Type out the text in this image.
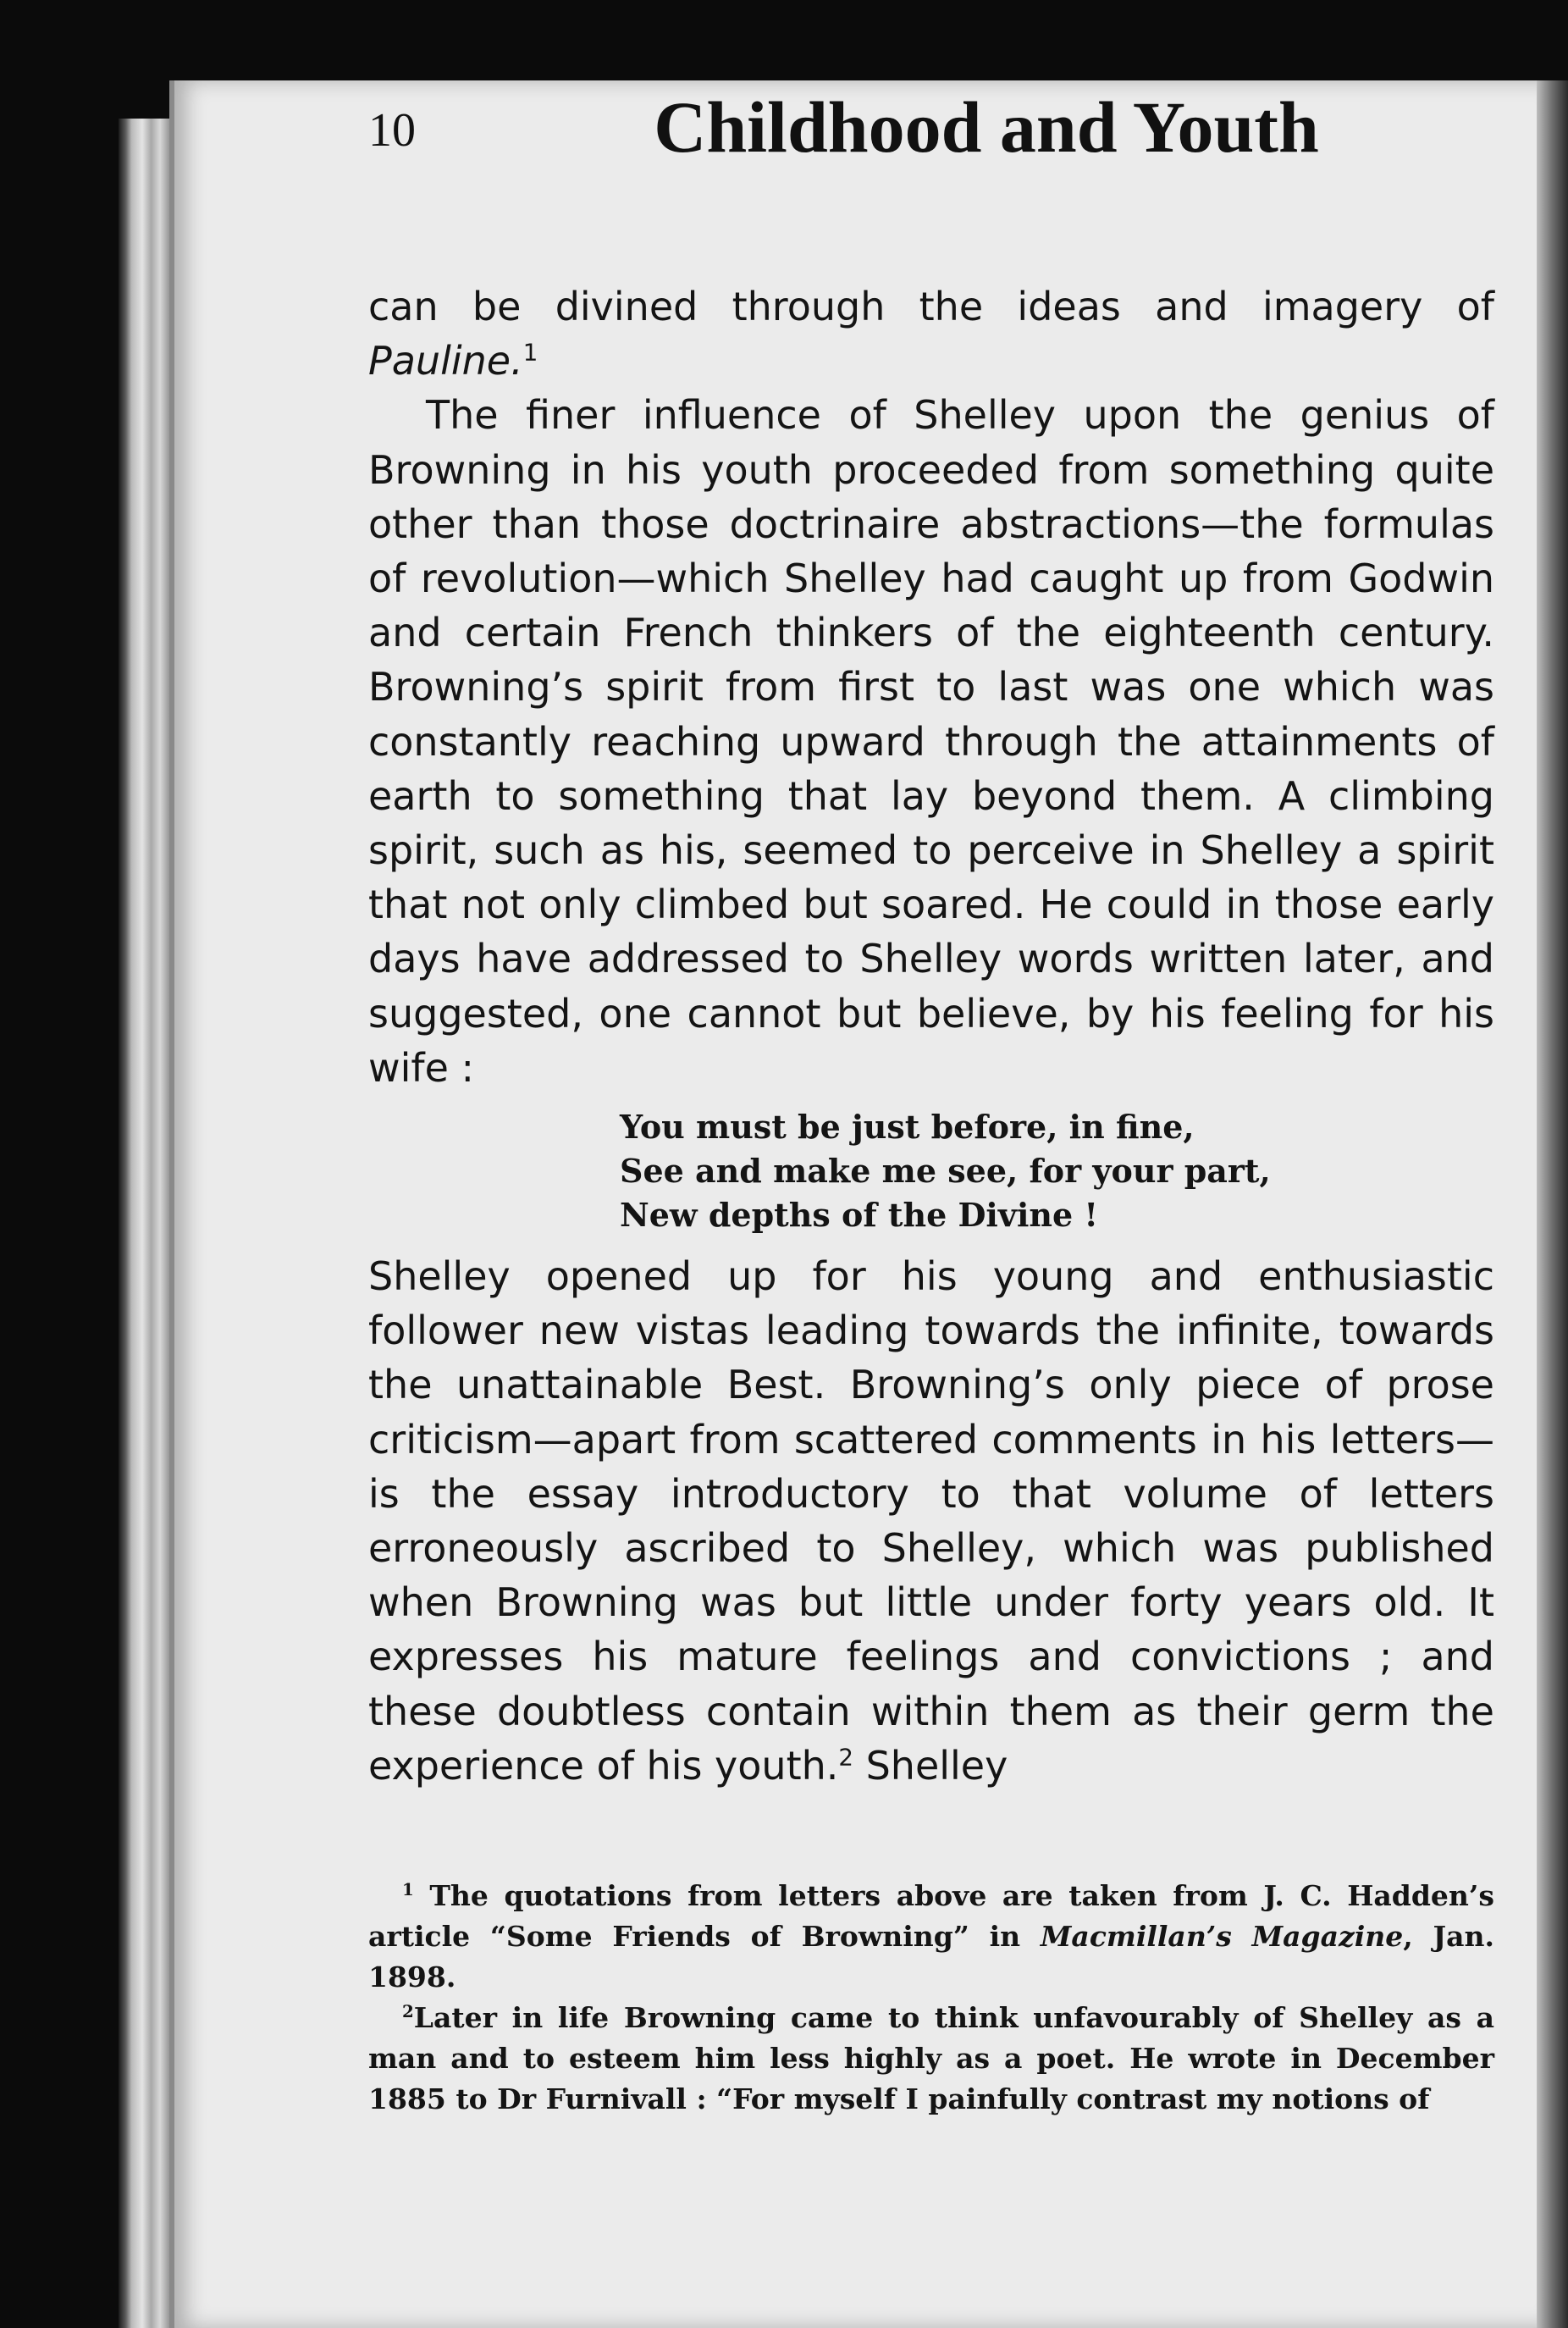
10	Childhood and Youth

can be divined through the ideas and imagery of Pauline.$^1$

The finer influence of Shelley upon the genius of Browning in his youth proceeded from something quite other than those doctrinaire abstractions—the formulas of revolution—which Shelley had caught up from Godwin and certain French thinkers of the eighteenth century. Browning’s spirit from first to last was one which was constantly reaching upward through the attainments of earth to something that lay beyond them. A climbing spirit, such as his, seemed to perceive in Shelley a spirit that not only climbed but soared. He could in those early days have addressed to Shelley words written later, and suggested, one cannot but believe, by his feeling for his wife :

You must be just before, in fine,
See and make me see, for your part,
New depths of the Divine !

Shelley opened up for his young and enthusiastic follower new vistas leading towards the infinite, towards the unattainable Best. Browning’s only piece of prose criticism—apart from scattered comments in his letters—is the essay introductory to that volume of letters erroneously ascribed to Shelley, which was published when Browning was but little under forty years old. It expresses his mature feelings and convictions ; and these doubtless contain within them as their germ the experience of his youth.$^2$ Shelley

$^1$ The quotations from letters above are taken from J. C. Hadden’s article “Some Friends of Browning” in Macmillan’s Magazine, Jan. 1898.

$^2$Later in life Browning came to think unfavourably of Shelley as a man and to esteem him less highly as a poet. He wrote in December 1885 to Dr Furnivall : “For myself I painfully contrast my notions of
